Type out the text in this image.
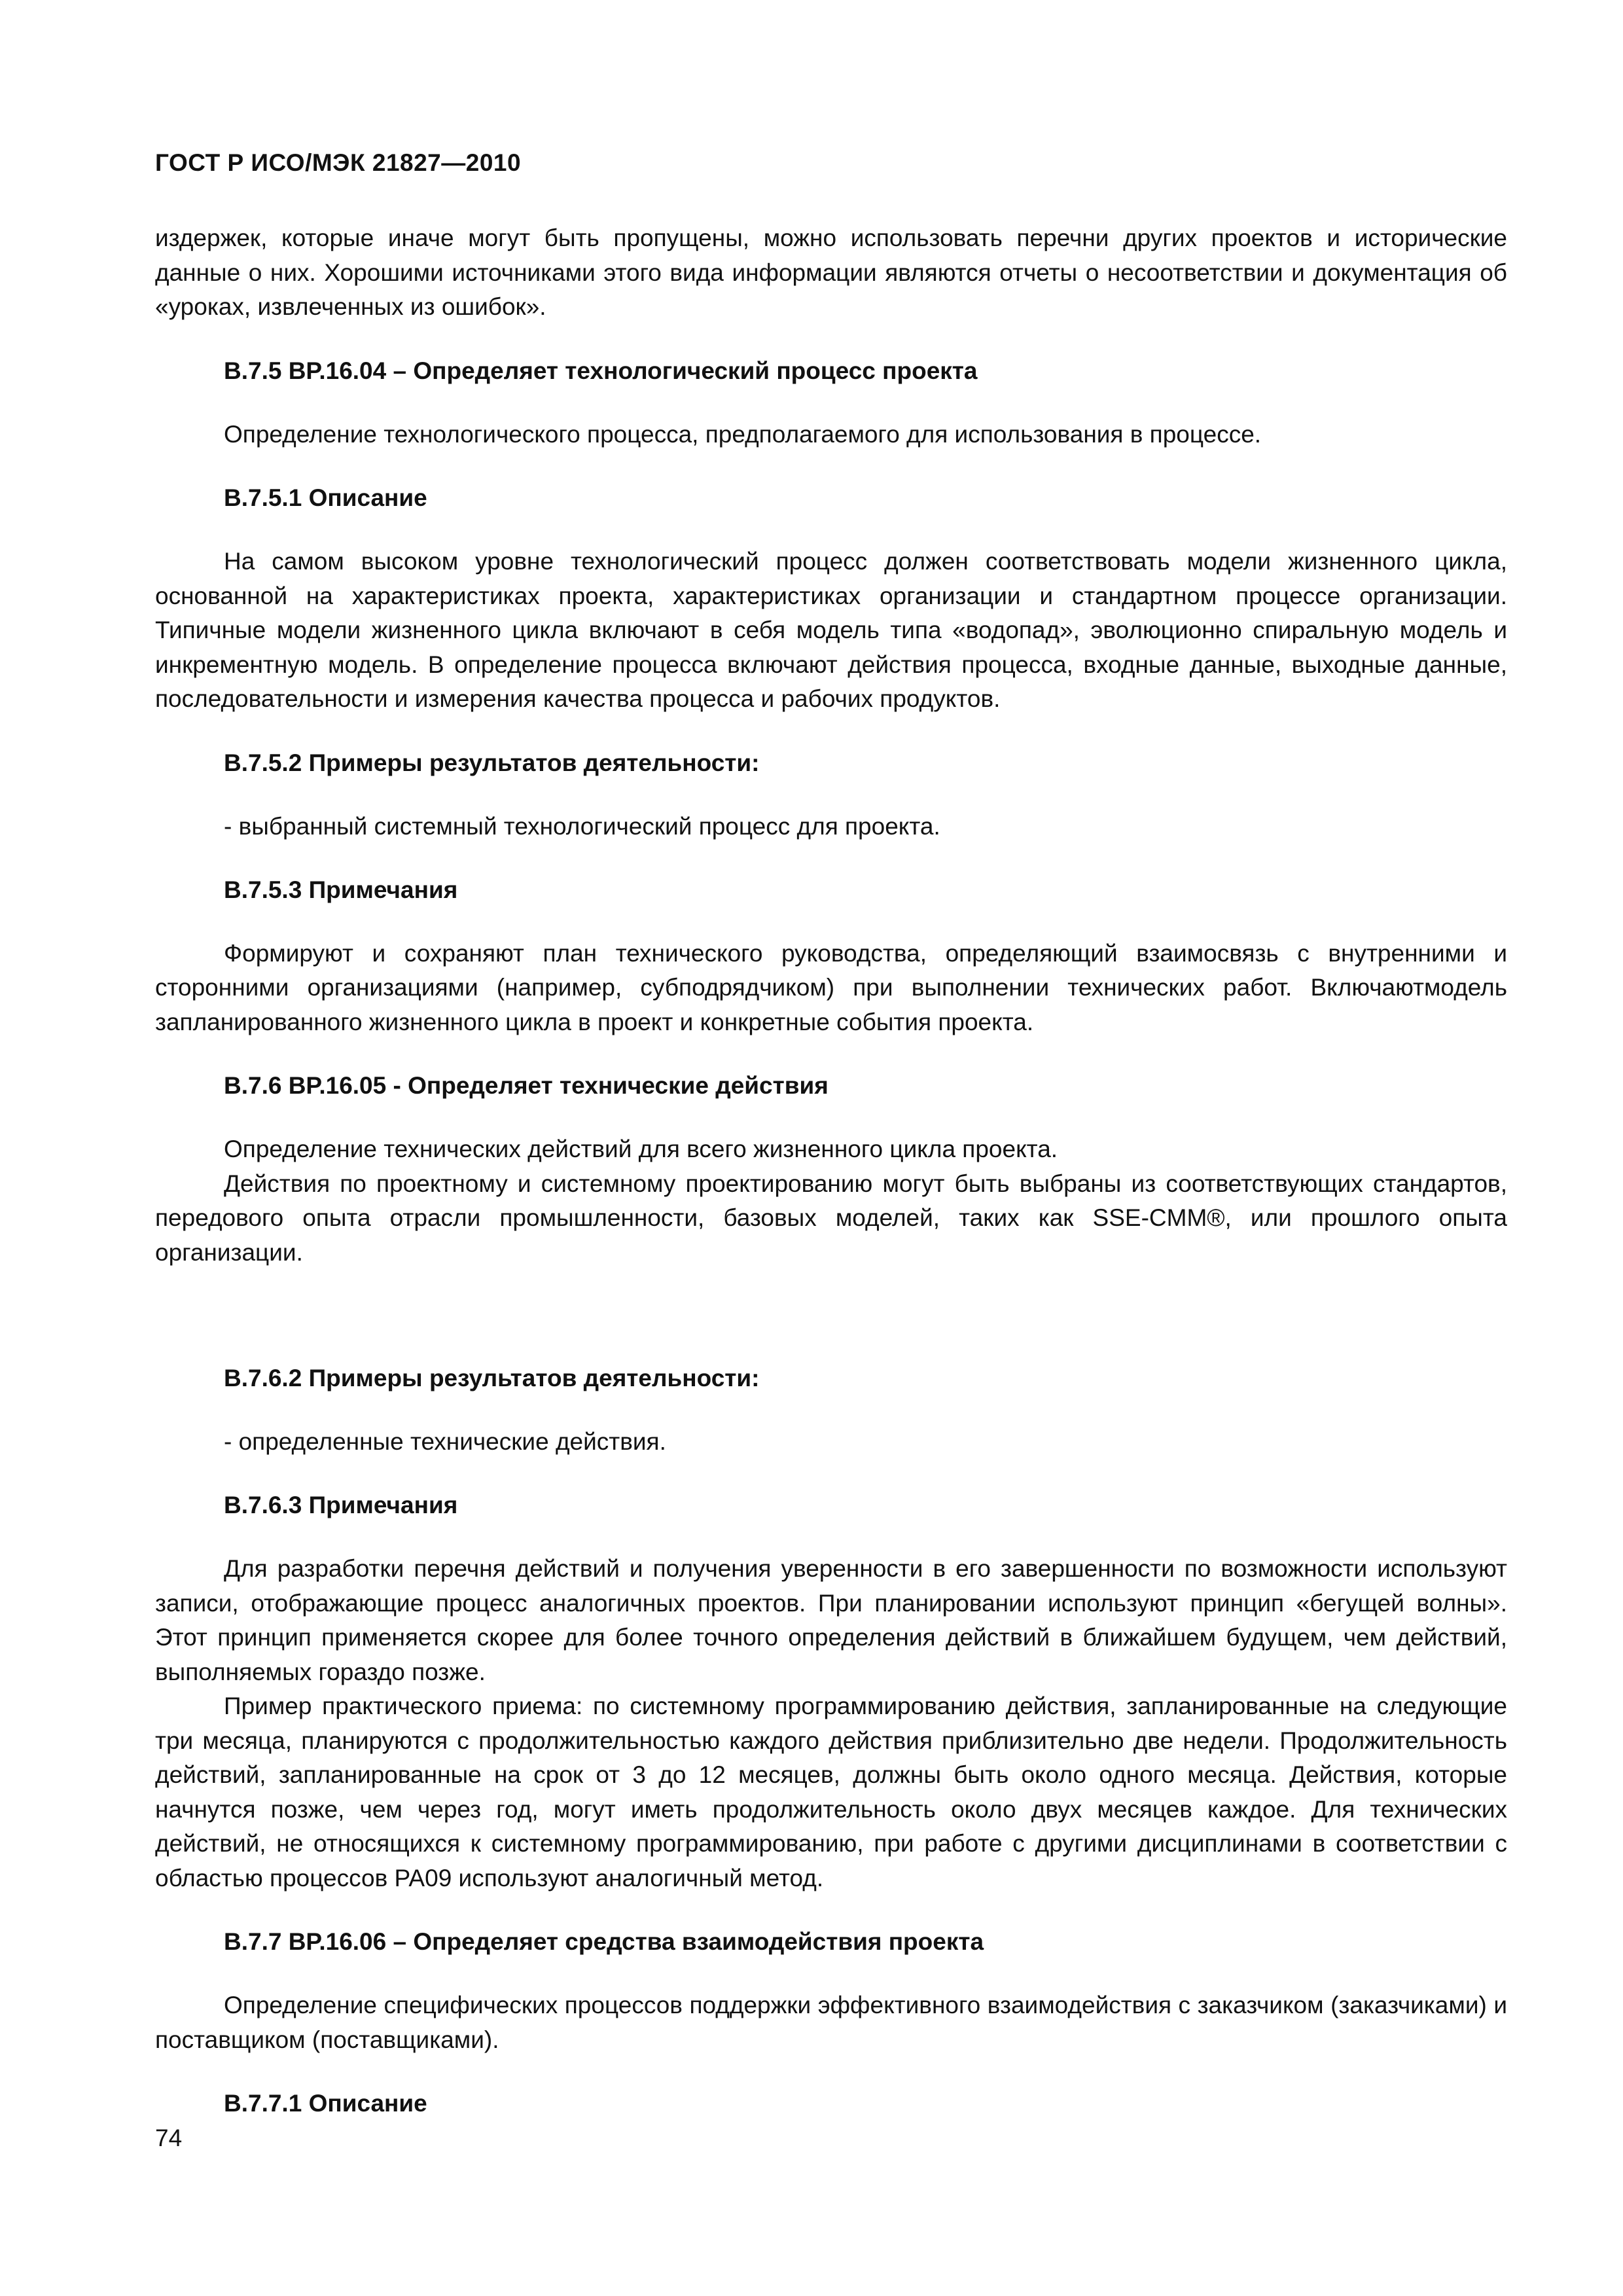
ГОСТ Р ИСО/МЭК 21827—2010

издержек, которые иначе могут быть пропущены, можно использовать перечни других проектов и исторические данные о них. Хорошими источниками этого вида информации являются отчеты о несоответствии и документация об «уроках, извлеченных из ошибок».

B.7.5 BP.16.04 – Определяет технологический процесс проекта

Определение технологического процесса, предполагаемого для использования в процессе.

B.7.5.1 Описание

На самом высоком уровне технологический процесс должен соответствовать модели жизненного цикла, основанной на характеристиках проекта, характеристиках организации и стандартном процессе организации. Типичные модели жизненного цикла включают в себя модель типа «водопад», эволюционно спиральную модель и инкрементную модель. В определение процесса включают действия процесса, входные данные, выходные данные, последовательности и измерения качества процесса и рабочих продуктов.

B.7.5.2 Примеры результатов деятельности:

- выбранный системный технологический процесс для проекта.

B.7.5.3 Примечания

Формируют и сохраняют план технического руководства, определяющий взаимосвязь с внутренними и сторонними организациями (например, субподрядчиком) при выполнении технических работ. Включаютмодель запланированного жизненного цикла в проект и конкретные события проекта.

B.7.6 BP.16.05 - Определяет технические действия

Определение технических действий для всего жизненного цикла проекта.

Действия по проектному и системному проектированию могут быть выбраны из соответствующих стандартов, передового опыта отрасли промышленности, базовых моделей, таких как SSE-CMM®, или прошлого опыта организации.

B.7.6.2 Примеры результатов деятельности:

- определенные технические действия.

B.7.6.3 Примечания

Для разработки перечня действий и получения уверенности в его завершенности по возможности используют записи, отображающие процесс аналогичных проектов. При планировании используют принцип «бегущей волны». Этот принцип применяется скорее для более точного определения действий в ближайшем будущем, чем действий, выполняемых гораздо позже.

Пример практического приема: по системному программированию действия, запланированные на следующие три месяца, планируются с продолжительностью каждого действия приблизительно две недели. Продолжительность действий, запланированные на срок от 3 до 12 месяцев, должны быть около одного месяца. Действия, которые начнутся позже, чем через год, могут иметь продолжительность около двух месяцев каждое. Для технических действий, не относящихся к системному программированию, при работе с другими дисциплинами в соответствии с областью процессов PA09 используют аналогичный метод.

B.7.7 BP.16.06 – Определяет средства взаимодействия проекта

Определение специфических процессов поддержки эффективного взаимодействия с заказчиком (заказчиками) и поставщиком (поставщиками).

B.7.7.1 Описание

74
